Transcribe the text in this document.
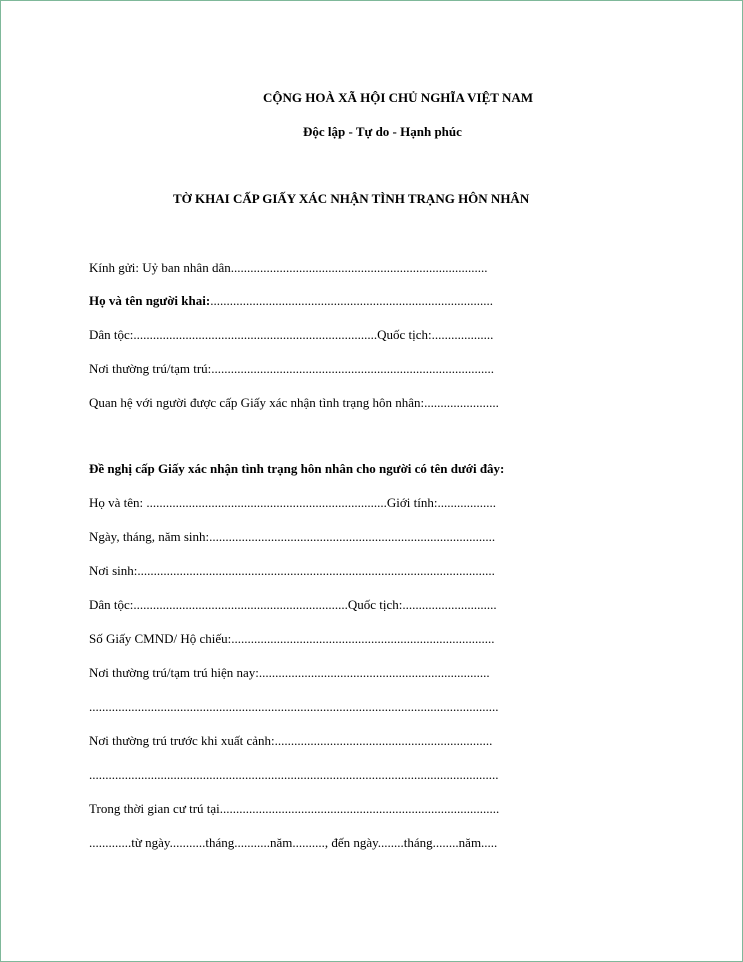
CỘNG HOÀ XÃ HỘI CHỦ NGHĨA VIỆT NAM
Độc lập - Tự do - Hạnh phúc
TỜ KHAI CẤP GIẤY XÁC NHẬN TÌNH TRẠNG HÔN NHÂN
Kính gửi: Uỷ ban nhân dân...............................................................................
Họ và tên người khai:.......................................................................................
Dân tộc:...........................................................................Quốc tịch:...................
Nơi thường trú/tạm trú:.......................................................................................
Quan hệ với người được cấp Giấy xác nhận tình trạng hôn nhân:.......................
Đề nghị cấp Giấy xác nhận tình trạng hôn nhân cho người có tên dưới đây:
Họ và tên: ..........................................................................Giới tính:..................
Ngày, tháng, năm sinh:........................................................................................
Nơi sinh:..............................................................................................................
Dân tộc:..................................................................Quốc tịch:.............................
Số Giấy CMND/ Hộ chiếu:.................................................................................
Nơi thường trú/tạm trú hiện nay:.......................................................................
..............................................................................................................................
Nơi thường trú trước khi xuất cảnh:...................................................................
..............................................................................................................................
Trong thời gian cư trú tại......................................................................................
.............từ ngày...........tháng...........năm.........., đến ngày........tháng........năm.....
